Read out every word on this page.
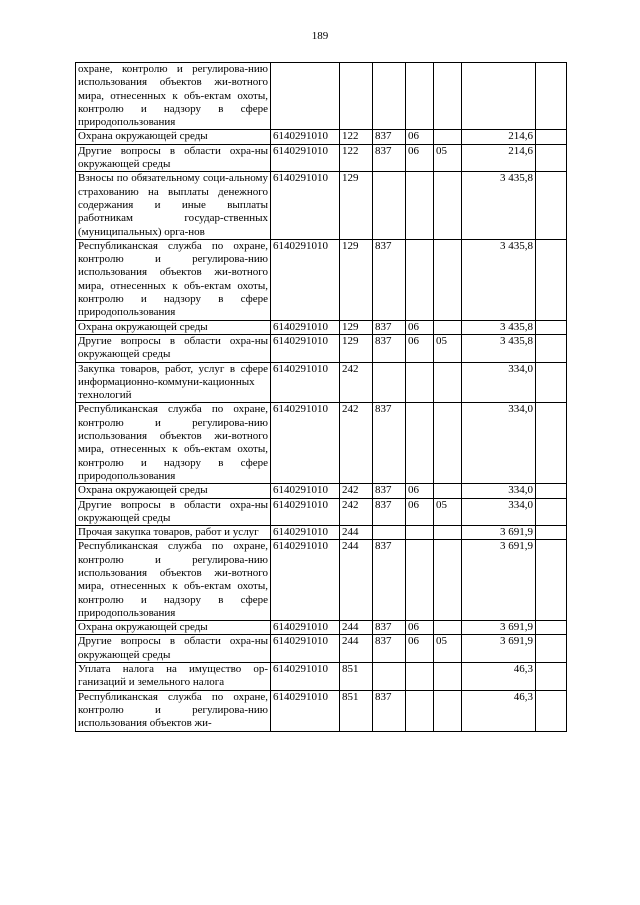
189
охране, контролю и регулирова-нию использования объектов жи-вотного мира, отнесенных к объ-ектам охоты, контролю и надзору в сфере природопользования							
Охрана окружающей среды	6140291010	122	837	06		214,6	
Другие вопросы в области охра-ны окружающей среды	6140291010	122	837	06	05	214,6	
Взносы по обязательному соци-альному страхованию на выплаты денежного содержания и иные выплаты работникам государ-ственных (муниципальных) орга-нов	6140291010	129				3 435,8	
Республиканская служба по охране, контролю и регулирова-нию использования объектов жи-вотного мира, отнесенных к объ-ектам охоты, контролю и надзору в сфере природопользования	6140291010	129	837			3 435,8	
Охрана окружающей среды	6140291010	129	837	06		3 435,8	
Другие вопросы в области охра-ны окружающей среды	6140291010	129	837	06	05	3 435,8	
Закупка товаров, работ, услуг в сфере информационно-коммуни-кационных технологий	6140291010	242				334,0	
Республиканская служба по охране, контролю и регулирова-нию использования объектов жи-вотного мира, отнесенных к объ-ектам охоты, контролю и надзору в сфере природопользования	6140291010	242	837			334,0	
Охрана окружающей среды	6140291010	242	837	06		334,0	
Другие вопросы в области охра-ны окружающей среды	6140291010	242	837	06	05	334,0	
Прочая закупка товаров, работ и услуг	6140291010	244				3 691,9	
Республиканская служба по охране, контролю и регулирова-нию использования объектов жи-вотного мира, отнесенных к объ-ектам охоты, контролю и надзору в сфере природопользования	6140291010	244	837			3 691,9	
Охрана окружающей среды	6140291010	244	837	06		3 691,9	
Другие вопросы в области охра-ны окружающей среды	6140291010	244	837	06	05	3 691,9	
Уплата налога на имущество ор-ганизаций и земельного налога	6140291010	851				46,3	
Республиканская служба по охране, контролю и регулирова-нию использования объектов жи-	6140291010	851	837			46,3	
